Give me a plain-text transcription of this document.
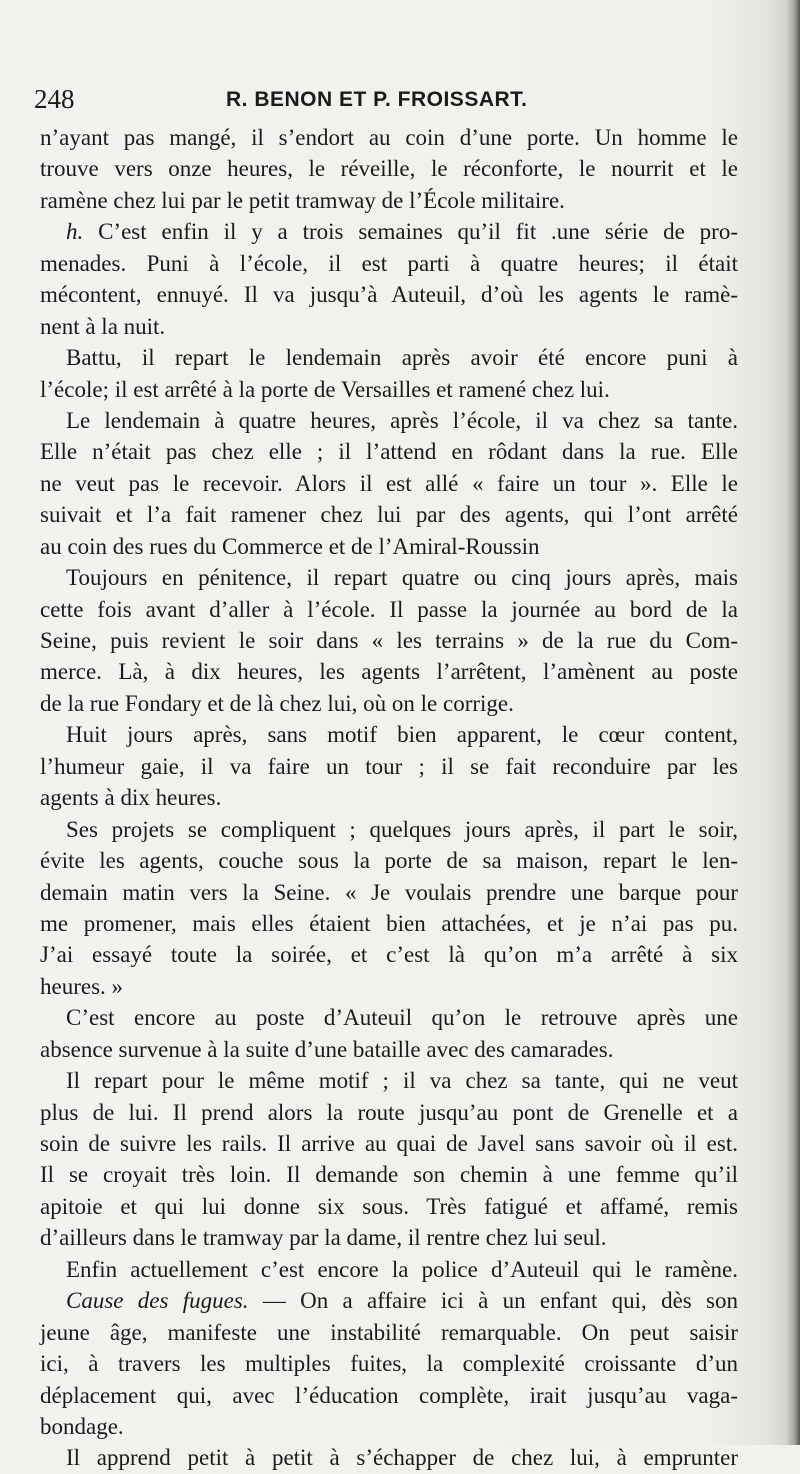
248	R. BENON ET P. FROISSART.
n’ayant pas mangé, il s’endort au coin d’une porte. Un homme le
trouve vers onze heures, le réveille, le réconforte, le nourrit et le
ramène chez lui par le petit tramway de l’École militaire.
h. C’est enfin il y a trois semaines qu’il fit .une série de pro-
menades. Puni à l’école, il est parti à quatre heures; il était
mécontent, ennuyé. Il va jusqu’à Auteuil, d’où les agents le ramè-
nent à la nuit.
Battu, il repart le lendemain après avoir été encore puni à
l’école; il est arrêté à la porte de Versailles et ramené chez lui.
Le lendemain à quatre heures, après l’école, il va chez sa tante.
Elle n’était pas chez elle ; il l’attend en rôdant dans la rue. Elle
ne veut pas le recevoir. Alors il est allé « faire un tour ». Elle le
suivait et l’a fait ramener chez lui par des agents, qui l’ont arrêté
au coin des rues du Commerce et de l’Amiral-Roussin
Toujours en pénitence, il repart quatre ou cinq jours après, mais
cette fois avant d’aller à l’école. Il passe la journée au bord de la
Seine, puis revient le soir dans « les terrains » de la rue du Com-
merce. Là, à dix heures, les agents l’arrêtent, l’amènent au poste
de la rue Fondary et de là chez lui, où on le corrige.
Huit jours après, sans motif bien apparent, le cœur content,
l’humeur gaie, il va faire un tour ; il se fait reconduire par les
agents à dix heures.
Ses projets se compliquent ; quelques jours après, il part le soir,
évite les agents, couche sous la porte de sa maison, repart le len-
demain matin vers la Seine. « Je voulais prendre une barque pour
me promener, mais elles étaient bien attachées, et je n’ai pas pu.
J’ai essayé toute la soirée, et c’est là qu’on m’a arrêté à six
heures. »
C’est encore au poste d’Auteuil qu’on le retrouve après une
absence survenue à la suite d’une bataille avec des camarades.
Il repart pour le même motif ; il va chez sa tante, qui ne veut
plus de lui. Il prend alors la route jusqu’au pont de Grenelle et a
soin de suivre les rails. Il arrive au quai de Javel sans savoir où il est.
Il se croyait très loin. Il demande son chemin à une femme qu’il
apitoie et qui lui donne six sous. Très fatigué et affamé, remis
d’ailleurs dans le tramway par la dame, il rentre chez lui seul.
Enfin actuellement c’est encore la police d’Auteuil qui le ramène.
Cause des fugues. — On a affaire ici à un enfant qui, dès son
jeune âge, manifeste une instabilité remarquable. On peut saisir
ici, à travers les multiples fuites, la complexité croissante d’un
déplacement qui, avec l’éducation complète, irait jusqu’au vaga-
bondage.
Il apprend petit à petit à s’échapper de chez lui, à emprunter
